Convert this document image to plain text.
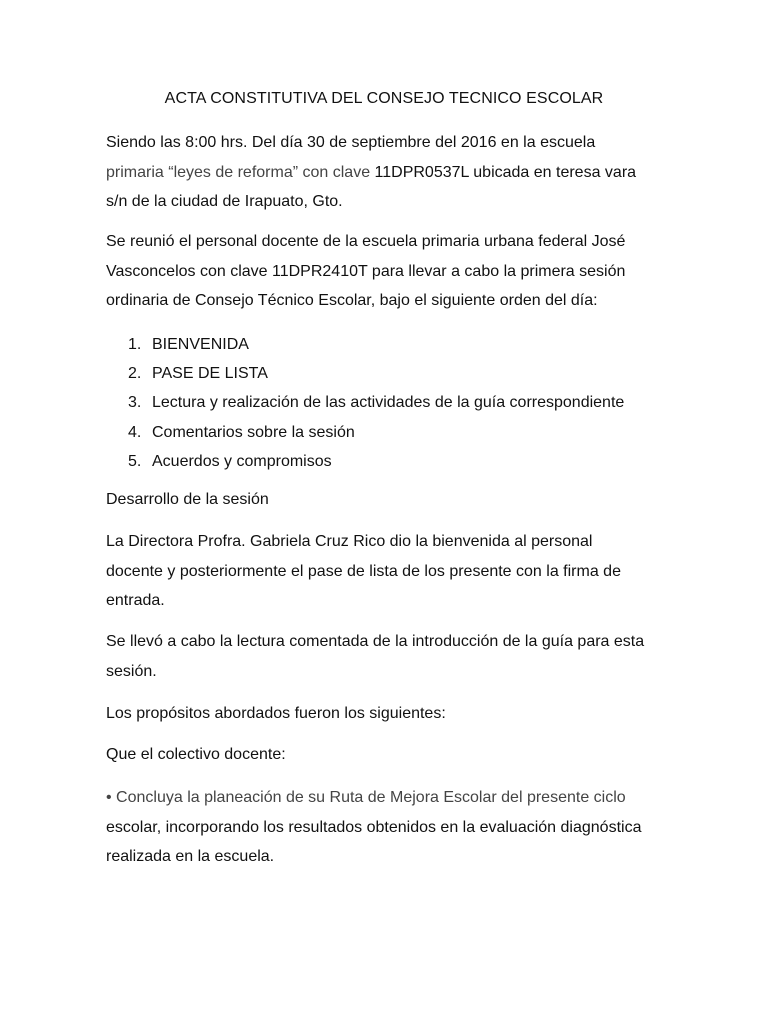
ACTA CONSTITUTIVA DEL CONSEJO TECNICO ESCOLAR
Siendo las 8:00 hrs. Del día 30 de septiembre del 2016 en la escuela
primaria “leyes de reforma” con clave 11DPR0537L ubicada en teresa vara
s/n de la ciudad de Irapuato, Gto.
Se reunió el personal docente de la escuela primaria urbana federal José
Vasconcelos con clave 11DPR2410T para llevar a cabo la primera sesión
ordinaria de Consejo Técnico Escolar, bajo el siguiente orden del día:
1. BIENVENIDA
2. PASE DE LISTA
3. Lectura y realización de las actividades de la guía correspondiente
4. Comentarios sobre la sesión
5. Acuerdos y compromisos
Desarrollo de la sesión
La Directora Profra. Gabriela Cruz Rico dio la bienvenida al personal
docente y posteriormente el pase de lista de los presente con la firma de
entrada.
Se llevó a cabo la lectura comentada de la introducción de la guía para esta
sesión.
Los propósitos abordados fueron los siguientes:
Que el colectivo docente:
• Concluya la planeación de su Ruta de Mejora Escolar del presente ciclo
escolar, incorporando los resultados obtenidos en la evaluación diagnóstica
realizada en la escuela.
